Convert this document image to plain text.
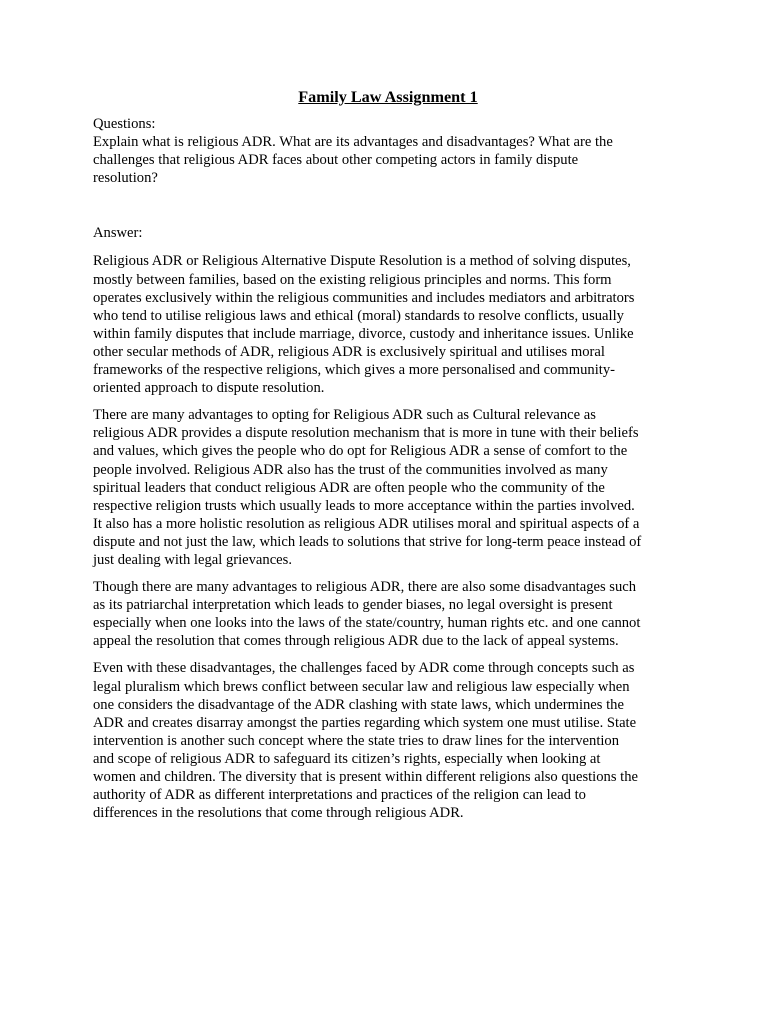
Family Law Assignment 1

Questions:

Explain what is religious ADR. What are its advantages and disadvantages? What are the

challenges that religious ADR faces about other competing actors in family dispute

resolution?

Answer:

Religious ADR or Religious Alternative Dispute Resolution is a method of solving disputes,

mostly between families, based on the existing religious principles and norms. This form

operates exclusively within the religious communities and includes mediators and arbitrators

who tend to utilise religious laws and ethical (moral) standards to resolve conflicts, usually

within family disputes that include marriage, divorce, custody and inheritance issues. Unlike

other secular methods of ADR, religious ADR is exclusively spiritual and utilises moral

frameworks of the respective religions, which gives a more personalised and community-

oriented approach to dispute resolution.

There are many advantages to opting for Religious ADR such as Cultural relevance as

religious ADR provides a dispute resolution mechanism that is more in tune with their beliefs

and values, which gives the people who do opt for Religious ADR a sense of comfort to the

people involved. Religious ADR also has the trust of the communities involved as many

spiritual leaders that conduct religious ADR are often people who the community of the

respective religion trusts which usually leads to more acceptance within the parties involved.

It also has a more holistic resolution as religious ADR utilises moral and spiritual aspects of a

dispute and not just the law, which leads to solutions that strive for long-term peace instead of

just dealing with legal grievances.

Though there are many advantages to religious ADR, there are also some disadvantages such

as its patriarchal interpretation which leads to gender biases, no legal oversight is present

especially when one looks into the laws of the state/country, human rights etc. and one cannot

appeal the resolution that comes through religious ADR due to the lack of appeal systems.

Even with these disadvantages, the challenges faced by ADR come through concepts such as

legal pluralism which brews conflict between secular law and religious law especially when

one considers the disadvantage of the ADR clashing with state laws, which undermines the

ADR and creates disarray amongst the parties regarding which system one must utilise. State

intervention is another such concept where the state tries to draw lines for the intervention

and scope of religious ADR to safeguard its citizen’s rights, especially when looking at

women and children. The diversity that is present within different religions also questions the

authority of ADR as different interpretations and practices of the religion can lead to

differences in the resolutions that come through religious ADR.
